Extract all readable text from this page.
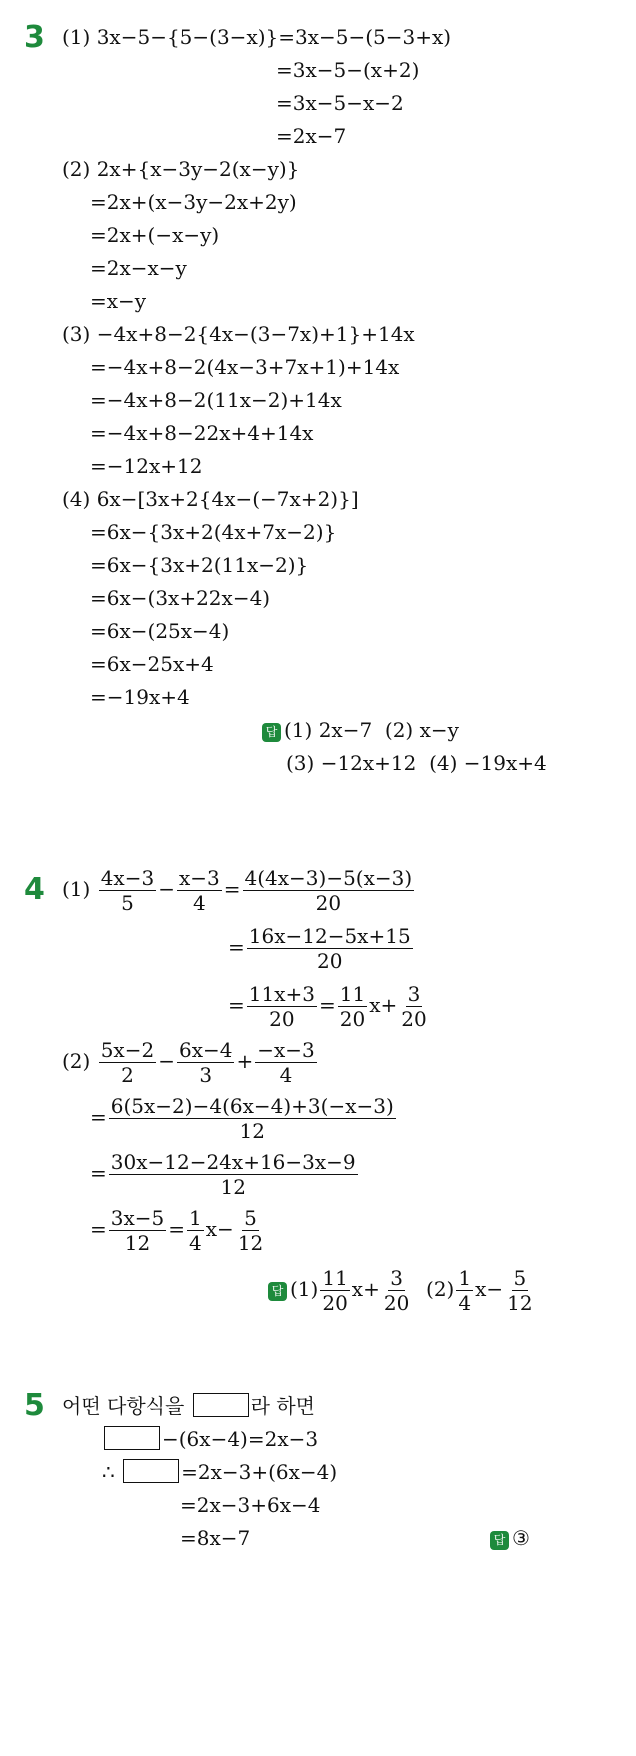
3 (1) 3x−5−{5−(3−x)}=3x−5−(5−3+x)
=3x−5−(x+2)
=3x−5−x−2
=2x−7
(2) 2x+{x−3y−2(x−y)}
=2x+(x−3y−2x+2y)
=2x+(−x−y)
=2x−x−y
=x−y
(3) −4x+8−2{4x−(3−7x)+1}+14x
=−4x+8−2(4x−3+7x+1)+14x
=−4x+8−2(11x−2)+14x
=−4x+8−22x+4+14x
=−12x+12
(4) 6x−[3x+2{4x−(−7x+2)}]
=6x−{3x+2(4x+7x−2)}
=6x−{3x+2(11x−2)}
=6x−(3x+22x−4)
=6x−(25x−4)
=6x−25x+4
=−19x+4
답 (1) 2x−7 (2) x−y
(3) −12x+12 (4) −19x+4
4 $(1) \frac{4x-3}{5} - \frac{x-3}{4} = \frac{4(4x-3)-5(x-3)}{20}$
= $\frac{16x-12-5x+15}{20}$
= $\frac{11x+3}{20} = \frac{11}{20} x+ \frac{3}{20}$
$(2) \frac{5x-2}{2} - \frac{6x-4}{3} + \frac{-x-3}{4}$
= $\frac{6(5x-2)-4(6x-4)+3(-x-3)}{12}$
= $\frac{30x-12-24x+16-3x-9}{12}$
= $\frac{3x-5}{12} = \frac{1}{4} x- \frac{5}{12}$
답 $(1) \frac{11}{20} x+ \frac{3}{20} (2) \frac{1}{4} x- \frac{5}{12}$
5 어떤 다항식을	라 하면
−(6x−4)=2x−3
∴	=2x−3+(6x−4)
=2x−3+6x−4
=8x−7	답 ③
